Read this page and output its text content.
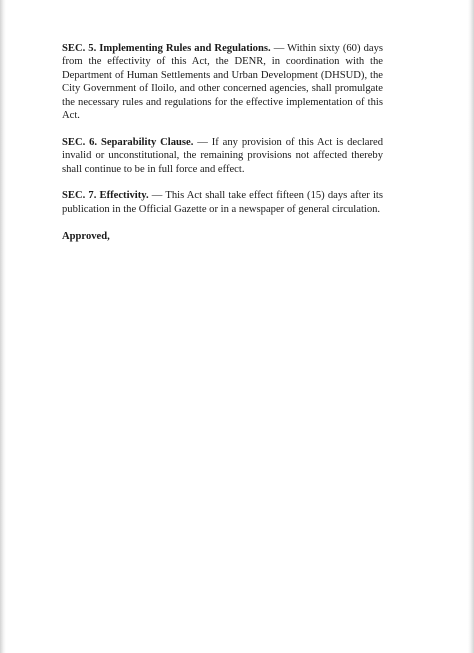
SEC. 5. Implementing Rules and Regulations. — Within sixty (60) days from the effectivity of this Act, the DENR, in coordination with the Department of Human Settlements and Urban Development (DHSUD), the City Government of Iloilo, and other concerned agencies, shall promulgate the necessary rules and regulations for the effective implementation of this Act.

SEC. 6. Separability Clause. — If any provision of this Act is declared invalid or unconstitutional, the remaining provisions not affected thereby shall continue to be in full force and effect.

SEC. 7. Effectivity. — This Act shall take effect fifteen (15) days after its publication in the Official Gazette or in a newspaper of general circulation.

Approved,
